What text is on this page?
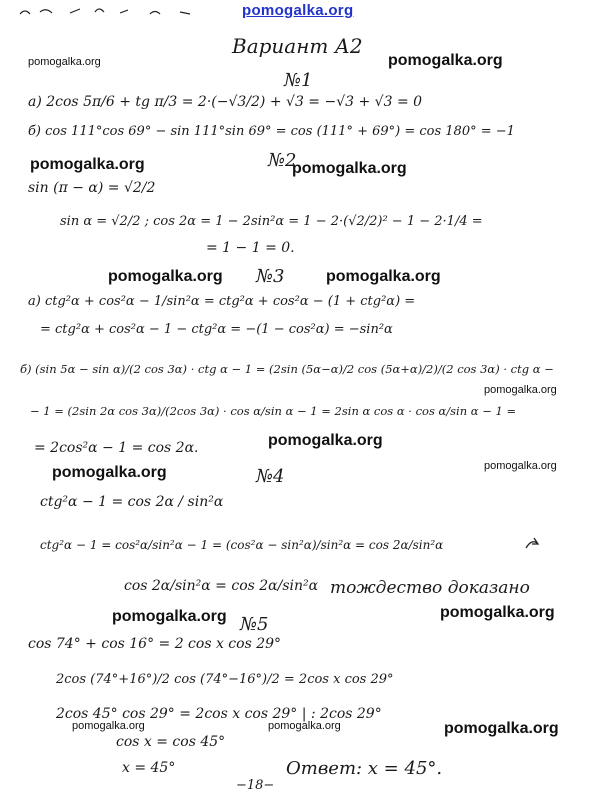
pomogalka.org
pomogalka.org	pomogalka.org
pomogalka.org	pomogalka.org
pomogalka.org	pomogalka.org
pomogalka.org
pomogalka.org
pomogalka.org
pomogalka.org
pomogalka.org	pomogalka.org
pomogalka.org	pomogalka.org	pomogalka.org
Вариант А2
№1
а) 2cos 5π/6 + tg π/3 = 2·(−√3/2) + √3 = −√3 + √3 = 0
б) cos 111°cos 69° − sin 111°sin 69° = cos (111° + 69°) = cos 180° = −1
№2
sin (π − α) = √2/2
sin α = √2/2 ; cos 2α = 1 − 2sin²α = 1 − 2·(√2/2)² − 1 − 2·1/4 =
= 1 − 1 = 0.
№3
а) ctg²α + cos²α − 1/sin²α = ctg²α + cos²α − (1 + ctg²α) =
= ctg²α + cos²α − 1 − ctg²α = −(1 − cos²α) = −sin²α
б) (sin 5α − sin α)/(2 cos 3α) · ctg α − 1 = (2sin (5α−α)/2 cos (5α+α)/2)/(2 cos 3α) · ctg α −
− 1 = (2sin 2α cos 3α)/(2cos 3α) · cos α/sin α − 1 = 2sin α cos α · cos α/sin α − 1 =
= 2cos²α − 1 = cos 2α.
№4
ctg²α − 1 = cos 2α / sin²α
ctg²α − 1 = cos²α/sin²α − 1 = (cos²α − sin²α)/sin²α = cos 2α/sin²α
cos 2α/sin²α = cos 2α/sin²α тождество доказано
№5
cos 74° + cos 16° = 2 cos x cos 29°
2cos (74°+16°)/2 cos (74°−16°)/2 = 2cos x cos 29°
2cos 45° cos 29° = 2cos x cos 29° | : 2cos 29°
cos x = cos 45°
x = 45°	Ответ: x = 45°.
−18−
